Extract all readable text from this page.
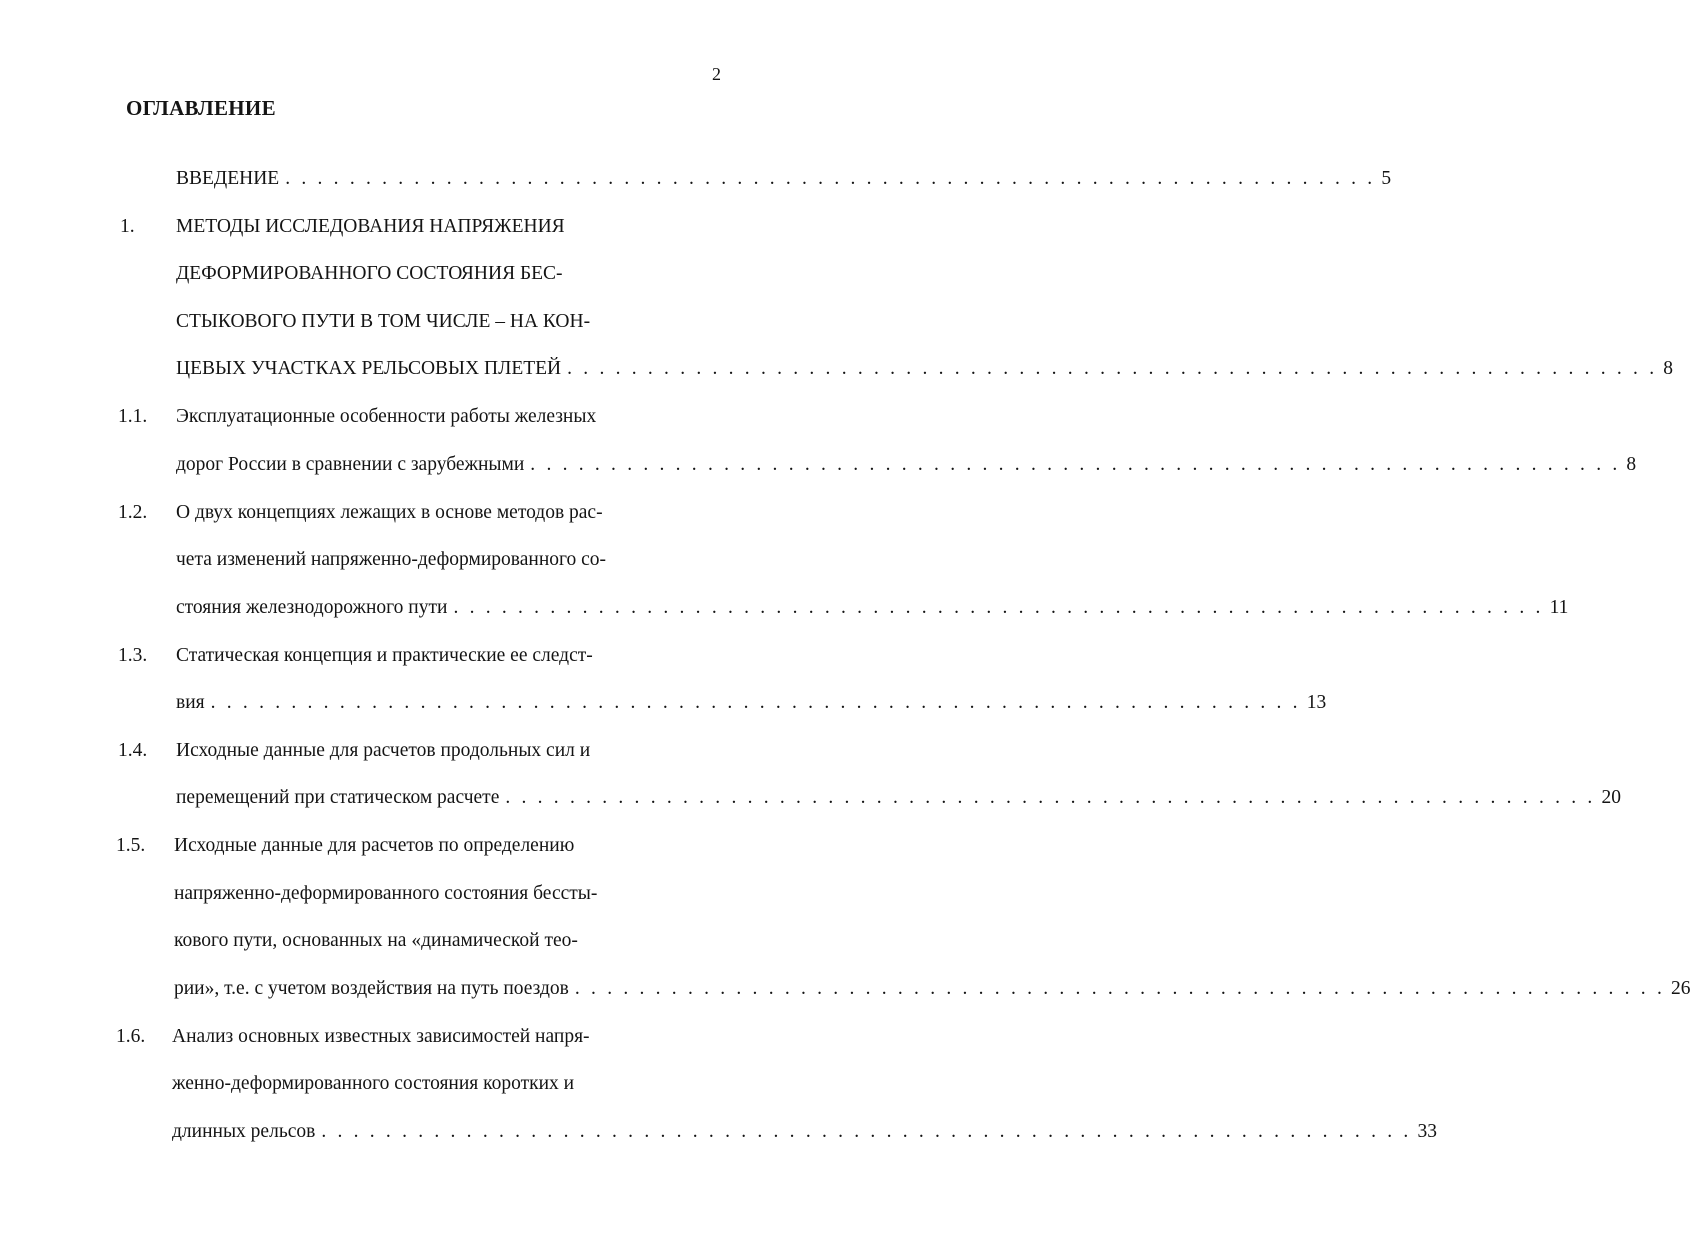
2
ОГЛАВЛЕНИЕ
ВВЕДЕНИЕ . . . . . . . . . . . . . . . . . . . . . . . . . . . . . . . . . . . . . . . . . . . . . . . . . . . . . . . . . . . . . . . . . . . . 5
1. МЕТОДЫ ИССЛЕДОВАНИЯ НАПРЯЖЕНИЯ
ДЕФОРМИРОВАННОГО СОСТОЯНИЯ БЕС-
СТЫКОВОГО ПУТИ В ТОМ ЧИСЛЕ – НА КОН-
ЦЕВЫХ УЧАСТКАХ РЕЛЬСОВЫХ ПЛЕТЕЙ . . . . . . . . . . . . . . . . . . . . . . . . . . . . . . . . . . . . . . . . . . . . . . . . . . . . . . . . . . . . . . . . . . . . 8
1.1. Эксплуатационные особенности работы железных
дорог России в сравнении с зарубежными . . . . . . . . . . . . . . . . . . . . . . . . . . . . . . . . . . . . . . . . . . . . . . . . . . . . . . . . . . . . . . . . . . . . 8
1.2. О двух концепциях лежащих в основе методов рас-
чета изменений напряженно-деформированного со-
стояния железнодорожного пути . . . . . . . . . . . . . . . . . . . . . . . . . . . . . . . . . . . . . . . . . . . . . . . . . . . . . . . . . . . . . . . . . . . . 11
1.3. Статическая концепция и практические ее следст-
вия . . . . . . . . . . . . . . . . . . . . . . . . . . . . . . . . . . . . . . . . . . . . . . . . . . . . . . . . . . . . . . . . . . . . 13
1.4. Исходные данные для расчетов продольных сил и
перемещений при статическом расчете . . . . . . . . . . . . . . . . . . . . . . . . . . . . . . . . . . . . . . . . . . . . . . . . . . . . . . . . . . . . . . . . . . . . 20
1.5. Исходные данные для расчетов по определению
напряженно-деформированного состояния бессты-
кового пути, основанных на «динамической тео-
рии», т.е. с учетом воздействия на путь поездов . . . . . . . . . . . . . . . . . . . . . . . . . . . . . . . . . . . . . . . . . . . . . . . . . . . . . . . . . . . . . . . . . . . . 26
1.6. Анализ основных известных зависимостей напря-
женно-деформированного состояния коротких и
длинных рельсов . . . . . . . . . . . . . . . . . . . . . . . . . . . . . . . . . . . . . . . . . . . . . . . . . . . . . . . . . . . . . . . . . . . . 33
